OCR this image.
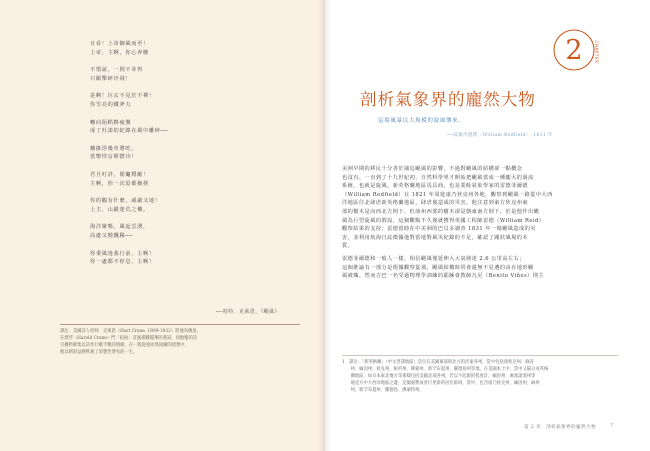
且看！上帝御風而至！
上帝，主啊，你心奔騰
不惜誼，一則不芽得
只願擊碎冷飛！
是啊！垃玄不見於不禪！
你雪亮的鐵斧力
轉向陌稻夥疲憊
成了杜漾的紀錄在風中離碎──
穗掛浮幾草將吃，
當擊悍盲禪摺冷！
君旦叮詳，閉竃穩敵！
主啊，你一次毋都操捨
你的鵝有什麼，威嚴又地！
上主，山巖迷荒之憐。
海洋聚嗎，風起雲湧，
高處又拋飄稀──
你秉風逸我行前，主啊！
你一處都不停息，主啊！
──哈特．克萊恩，《颶風》
譯注：美國詩人哈特．克萊恩（Hart Crane, 1899-1932）將他為晚易，
在漂浮（Harold Crane）門「拓拍」頁風揚騰越華的著試，同他懷的詩
引擴秒降集以詩作行歌手數的情緒，在一般從重而異固國的措想中，
他以朝彩益勝秋兼了前製性博名的一生。
2	CHAPTER
剖析氣象界的龐然大物
這場風暴以大規模的旋風襲來。
──威廉芮德費（William Redfield），1831 年
美洲早期的移民十分善於捕追颶風的影響，不過對颶風的結構卻一點概念
也沒有。一直到了十九世紀初，自然科學界才開始把颶風當成一種龐大的渦流
系統，也就是旋風。新英格蘭地區馬具商，也是業餘氣象學家的雷德菲爾德
（William Redfield）在 1821 年周遊康乃狄克州各地，觀察到颶風一路從中大西
洋地區往北肆虐新英格蘭地區，肆虐後造成的災害。他注意到東方狄克州東
部的樹木是向西北方倒下，但該州西部的樹木卻是朝東南方倒下，於是他作出颶
風為巨型旋風的假設，這個觀點不久後就獲得英國工程師雷德（William Reid）
觀察結果的支持；雷德當時在中美洲的巴貝多調查 1831 年一場颶風造成的災
害，並利用航海日誌徵據他對當地對風災紀錄的不足，確認了閥狀風場的本
質。
雷德菲爾德和一般人一樣，相信颶風僅延伸入大氣層達 2.6 公里高左右；
這個推論有一部分是根據觀察從飛，颶風結構時常會還無不見遭的由在地形颶
風被熾。然而吉巴一名受過物理學訓練的耶穌會教師凡尼（Benito Viñes）則主
1　譯注：「新英格蘭」（中文習譯地區）是位在美國東部與北方的洋東各州，當中包括康狄克州、麻省
　　州、緬因州、狄克州、紐約州、佛蒙州、新罕布夏州、羅德島州等地。在美國本土中，當中又隔分成英格
　　蘭地區，如日本東北地方等那樣包括美國北部各州，若以不起眼的程度計，緬因州、麻塞諸塞州等
　　地是方中大西洋地區之邊，是獨處勢成普行更新的居住區域，當中，包含康乃狄克州、緬因州、麻州
　　州、新罕布夏州、羅德島、佛蒙特州。
第 2 章　剖析氣象界的龐然大物	7
